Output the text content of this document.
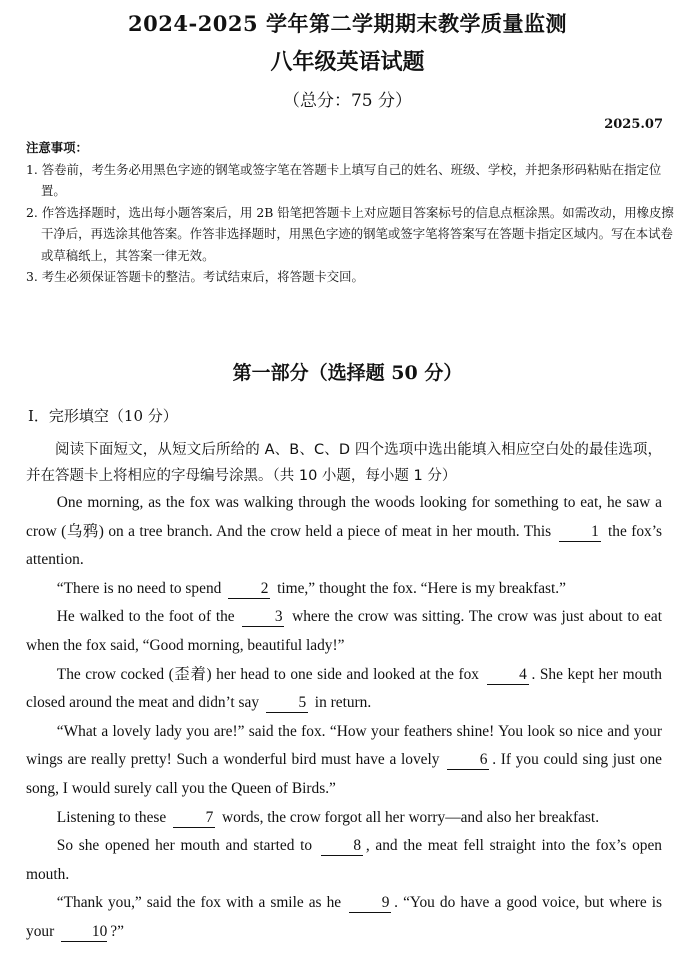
2024-2025 学年第二学期期末教学质量监测
八年级英语试题
（总分：75 分）
2025.07
注意事项：
1. 答卷前，考生务必用黑色字迹的钢笔或签字笔在答题卡上填写自己的姓名、班级、学校，并把条形码粘贴在指定位置。
2. 作答选择题时，选出每小题答案后，用 2B 铅笔把答题卡上对应题目答案标号的信息点框涂黑。如需改动，用橡皮擦干净后，再选涂其他答案。作答非选择题时，用黑色字迹的钢笔或签字笔将答案写在答题卡指定区域内。写在本试卷或草稿纸上，其答案一律无效。
3. 考生必须保证答题卡的整洁。考试结束后，将答题卡交回。
第一部分（选择题 50 分）
Ⅰ．完形填空（10 分）

阅读下面短文，从短文后所给的 A、B、C、D 四个选项中选出能填入相应空白处的最佳选项，并在答题卡上将相应的字母编号涂黑。（共 10 小题，每小题 1 分）

One morning, as the fox was walking through the woods looking for something to eat, he saw a crow (乌鸦) on a tree branch. And the crow held a piece of meat in her mouth. This	1 the fox’s attention.

“There is no need to spend	2 time,” thought the fox. “Here is my breakfast.”

He walked to the foot of the	3 where the crow was sitting. The crow was just about to eat when the fox said, “Good morning, beautiful lady!”

The crow cocked (歪着) her head to one side and looked at the fox	4 . She kept her mouth closed around the meat and didn’t say	5 in return.

“What a lovely lady you are!” said the fox. “How your feathers shine! You look so nice and your wings are really pretty! Such a wonderful bird must have a lovely	6 . If you could sing just one song, I would surely call you the Queen of Birds.”

Listening to these	7 words, the crow forgot all her worry—and also her breakfast.

So she opened her mouth and started to	8 , and the meat fell straight into the fox’s open mouth.

“Thank you,” said the fox with a smile as he	9 . “You do have a good voice, but where is your 10 ?”
